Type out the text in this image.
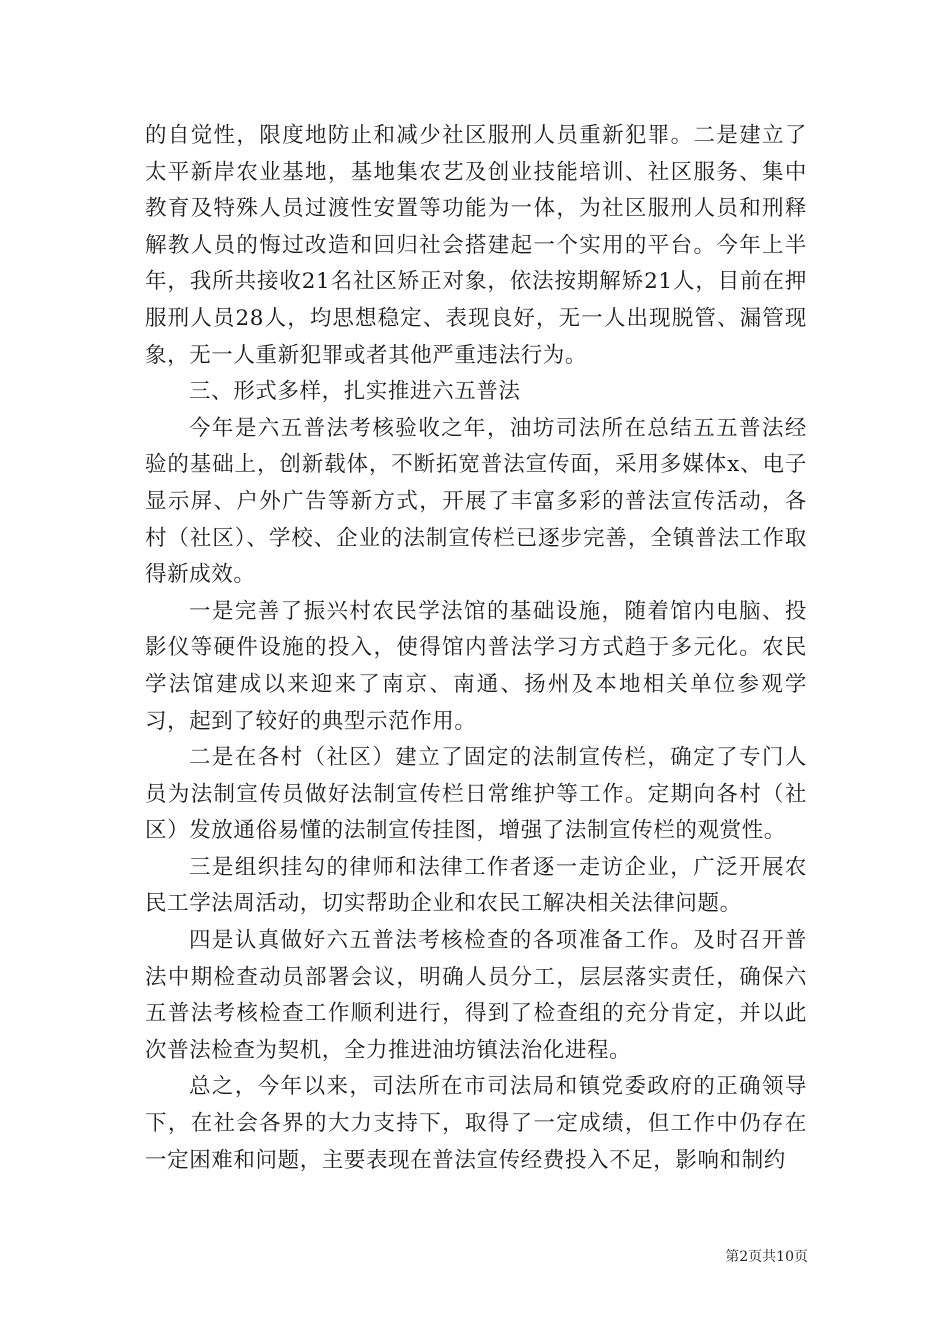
的自觉性，限度地防止和减少社区服刑人员重新犯罪。二是建立了太平新岸农业基地，基地集农艺及创业技能培训、社区服务、集中教育及特殊人员过渡性安置等功能为一体，为社区服刑人员和刑释解教人员的悔过改造和回归社会搭建起一个实用的平台。今年上半年，我所共接收21名社区矫正对象，依法按期解矫21人，目前在押服刑人员28人，均思想稳定、表现良好，无一人出现脱管、漏管现象，无一人重新犯罪或者其他严重违法行为。

三、形式多样，扎实推进六五普法

今年是六五普法考核验收之年，油坊司法所在总结五五普法经验的基础上，创新载体，不断拓宽普法宣传面，采用多媒体x、电子显示屏、户外广告等新方式，开展了丰富多彩的普法宣传活动，各村（社区）、学校、企业的法制宣传栏已逐步完善，全镇普法工作取得新成效。

一是完善了振兴村农民学法馆的基础设施，随着馆内电脑、投影仪等硬件设施的投入，使得馆内普法学习方式趋于多元化。农民学法馆建成以来迎来了南京、南通、扬州及本地相关单位参观学习，起到了较好的典型示范作用。

二是在各村（社区）建立了固定的法制宣传栏，确定了专门人员为法制宣传员做好法制宣传栏日常维护等工作。定期向各村（社区）发放通俗易懂的法制宣传挂图，增强了法制宣传栏的观赏性。

三是组织挂勾的律师和法律工作者逐一走访企业，广泛开展农民工学法周活动，切实帮助企业和农民工解决相关法律问题。

四是认真做好六五普法考核检查的各项准备工作。及时召开普法中期检查动员部署会议，明确人员分工，层层落实责任，确保六五普法考核检查工作顺利进行，得到了检查组的充分肯定，并以此次普法检查为契机，全力推进油坊镇法治化进程。

总之，今年以来，司法所在市司法局和镇党委政府的正确领导下，在社会各界的大力支持下，取得了一定成绩，但工作中仍存在一定困难和问题，主要表现在普法宣传经费投入不足，影响和制约

第2页共10页
